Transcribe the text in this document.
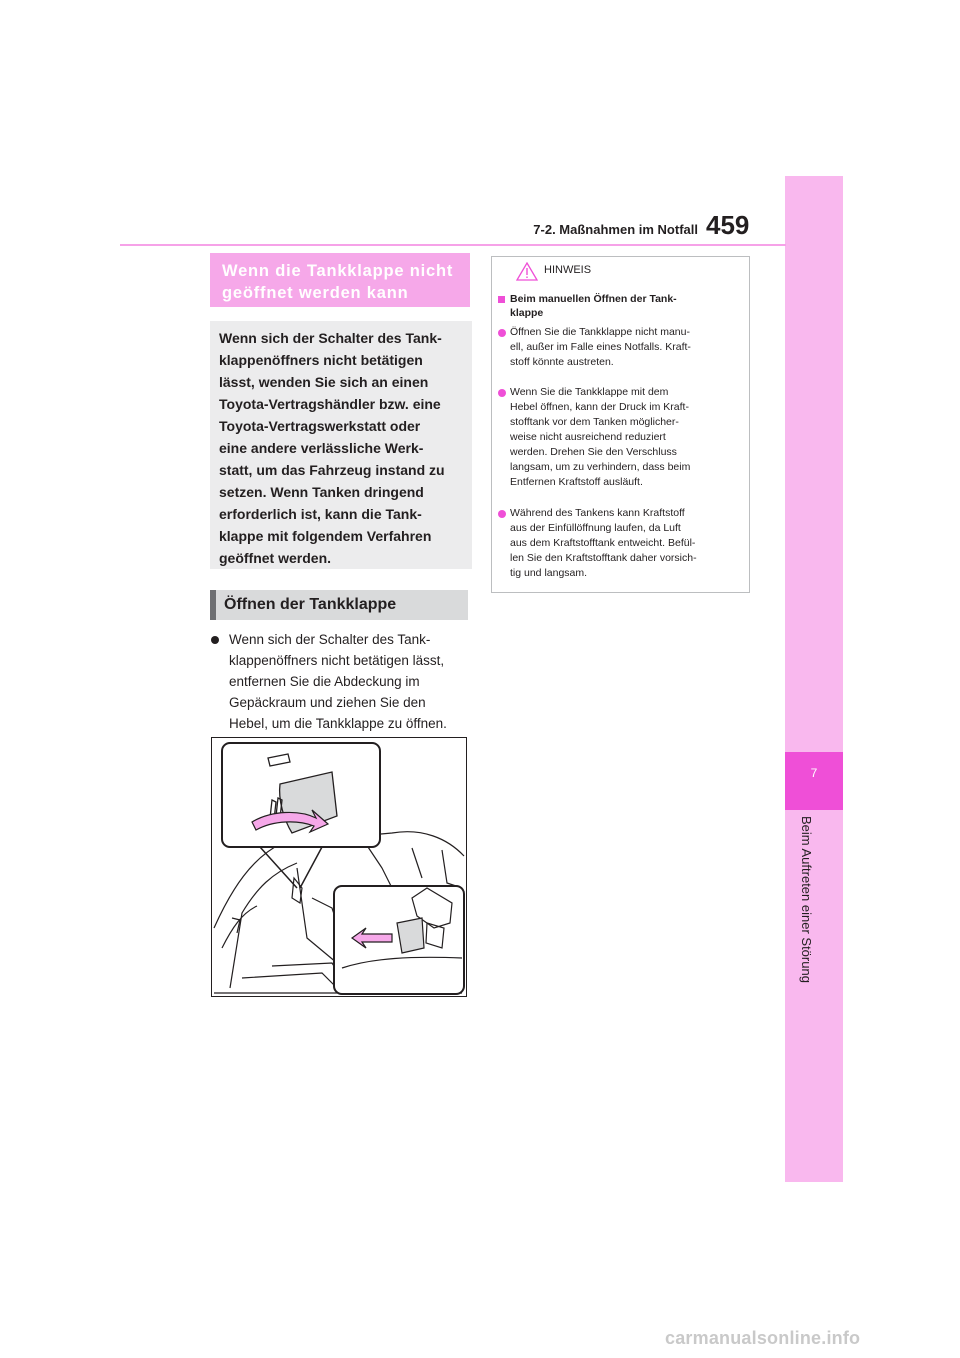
7
Beim Auftreten einer Störung
7-2. Maßnahmen im Notfall 459
Wenn die Tankklappe nicht
geöffnet werden kann
Wenn sich der Schalter des Tank-
klappenöffners nicht betätigen
lässt, wenden Sie sich an einen
Toyota-Vertragshändler bzw. eine
Toyota-Vertragswerkstatt oder
eine andere verlässliche Werk-
statt, um das Fahrzeug instand zu
setzen. Wenn Tanken dringend
erforderlich ist, kann die Tank-
klappe mit folgendem Verfahren
geöffnet werden.
Öffnen der Tankklappe
Wenn sich der Schalter des Tank-
klappenöffners nicht betätigen lässt,
entfernen Sie die Abdeckung im
Gepäckraum und ziehen Sie den
Hebel, um die Tankklappe zu öffnen.
HINWEIS
Beim manuellen Öffnen der Tank-
klappe
Öffnen Sie die Tankklappe nicht manu-
ell, außer im Falle eines Notfalls. Kraft-
stoff könnte austreten.
Wenn Sie die Tankklappe mit dem
Hebel öffnen, kann der Druck im Kraft-
stofftank vor dem Tanken möglicher-
weise nicht ausreichend reduziert
werden. Drehen Sie den Verschluss
langsam, um zu verhindern, dass beim
Entfernen Kraftstoff ausläuft.
Während des Tankens kann Kraftstoff
aus der Einfüllöffnung laufen, da Luft
aus dem Kraftstofftank entweicht. Befül-
len Sie den Kraftstofftank daher vorsich-
tig und langsam.
carmanualsonline.info
